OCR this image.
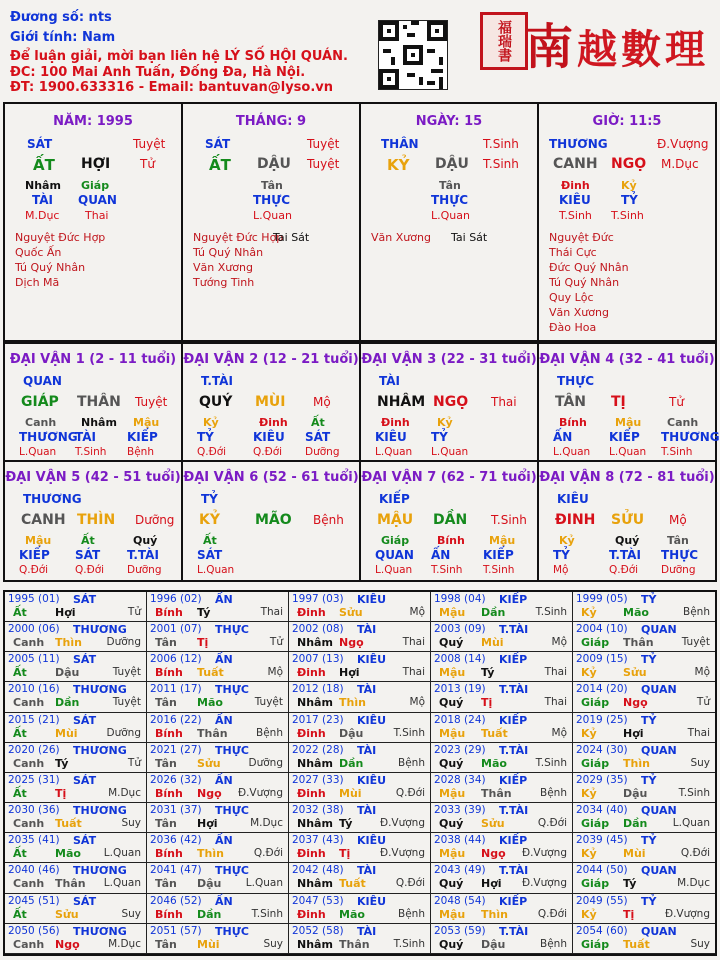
Đương số: nts
Giới tính: Nam
Để luận giải, mời bạn liên hệ LÝ SỐ HỘI QUÁN.
ĐC: 100 Mai Anh Tuấn, Đống Đa, Hà Nội.
ĐT: 1900.633316 - Email: bantuvan@lyso.vn
福瑞書 南越數理
NĂM: 1995
SÁT	Tuyệt
ẤT HỢI Tử
Nhâm Giáp
TÀI QUAN
M.Dục Thai
Nguyệt Đức Hợp
Quốc Ấn
Tú Quý Nhân
Dịch Mã
THÁNG: 9
SÁT	Tuyệt
ẤT DẬU Tuyệt
Tân
THỰC
L.Quan
Nguyệt Đức Hợp
Tai Sát
Tú Quý Nhân
Văn Xương
Tướng Tinh
NGÀY: 15
THÂN	T.Sinh
KỶ DẬU T.Sinh
Tân
THỰC
L.Quan
Văn Xương Tai Sát
GIỜ: 11:5
THƯƠNG	Đ.Vượng
CANH NGỌ M.Dục
Đinh	Kỷ
KIÊU	TỶ
T.Sinh T.Sinh
Nguyệt Đức
Thái Cực
Đức Quý Nhân
Tú Quý Nhân
Quy Lộc
Văn Xương
Đào Hoa
ĐẠI VẬN 1 (2 - 11 tuổi)
QUAN
GIÁP THÂN Tuyệt
Canh
THƯƠNG
L.Quan
Nhâm
TÀI
T.Sinh
Mậu
KIẾP
Bệnh
ĐẠI VẬN 2 (12 - 21 tuổi)
T.TÀI
QUÝ MÙI Mộ
Kỷ
TỶ
Q.Đới
Đinh
KIÊU
Q.Đới
Ất
SÁT
Dưỡng
ĐẠI VẬN 3 (22 - 31 tuổi)
TÀI
NHÂM NGỌ Thai
Đinh
KIÊU
L.Quan
Kỷ
TỶ
L.Quan
ĐẠI VẬN 4 (32 - 41 tuổi)
THỰC
TÂN TỊ	Tử
Bính
ẤN
L.Quan
Mậu
KIẾP
L.Quan
Canh
THƯƠNG
T.Sinh
ĐẠI VẬN 5 (42 - 51 tuổi)
THƯƠNG
CANH THÌN Dưỡng
Mậu
KIẾP
Q.Đới
Ất
SÁT
Q.Đới
Quý
T.TÀI
Dưỡng
ĐẠI VẬN 6 (52 - 61 tuổi)
TỶ
KỶ	MÃO Bệnh
Ất
SÁT
L.Quan
ĐẠI VẬN 7 (62 - 71 tuổi)
KIẾP
MẬU DẦN T.Sinh
Giáp
QUAN
L.Quan
Bính
ẤN
T.Sinh
Mậu
KIẾP
T.Sinh
ĐẠI VẬN 8 (72 - 81 tuổi)
KIÊU
ĐINH SỬU Mộ
Kỷ
TỶ
Mộ
Quý
T.TÀI
Q.Đới
Tân
THỰC
Dưỡng
1995 (01) SÁT
Ất	Hợi	Tử
1996 (02) ẤN
Bính Tý	Thai
1997 (03) KIÊU
Đinh Sửu	Mộ
1998 (04) KIẾP
Mậu Dần	T.Sinh
1999 (05) TỶ
Kỷ Mão	Bệnh
2000 (06) THƯƠNG
Canh Thìn Dưỡng
2001 (07) THỰC
Tân Tị	Tử
2002 (08) TÀI
Nhâm Ngọ	Thai
2003 (09) T.TÀI
Quý Mùi	Mộ
2004 (10) QUAN
Giáp Thân	Tuyệt
2005 (11) SÁT
Ất	Dậu	Tuyệt
2006 (12) ẤN
Bính Tuất	Mộ
2007 (13) KIÊU
Đinh Hợi	Thai
2008 (14) KIẾP
Mậu Tý	Thai
2009 (15) TỶ
Kỷ Sửu	Mộ
2010 (16) THƯƠNG
Canh Dần	Tuyệt
2011 (17) THỰC
Tân Mão	Tuyệt
2012 (18) TÀI
Nhâm Thìn	Mộ
2013 (19) T.TÀI
Quý Tị	Thai
2014 (20) QUAN
Giáp Ngọ	Tử
2015 (21) SÁT
Ất	Mùi	Dưỡng
2016 (22) ẤN
Bính Thân	Bệnh
2017 (23) KIÊU
Đinh Dậu	T.Sinh
2018 (24) KIẾP
Mậu Tuất	Mộ
2019 (25) TỶ
Kỷ Hợi	Thai
2020 (26) THƯƠNG
Canh Tý	Tử
2021 (27) THỰC
Tân Sửu	Dưỡng
2022 (28) TÀI
Nhâm Dần	Bệnh
2023 (29) T.TÀI
Quý Mão	T.Sinh
2024 (30) QUAN
Giáp Thìn	Suy
2025 (31) SÁT
Ất	Tị	M.Dục
2026 (32) ẤN
Bính Ngọ Đ.Vượng
2027 (33) KIÊU
Đinh Mùi	Q.Đới
2028 (34) KIẾP
Mậu Thân	Bệnh
2029 (35) TỶ
Kỷ Dậu	T.Sinh
2030 (36) THƯƠNG
Canh Tuất	Suy
2031 (37) THỰC
Tân Hợi	M.Dục
2032 (38) TÀI
Nhâm Tý	Đ.Vượng
2033 (39) T.TÀI
Quý Sửu	Q.Đới
2034 (40) QUAN
Giáp Dần L.Quan
2035 (41) SÁT
Ất	Mão L.Quan
2036 (42) ẤN
Bính Thìn	Q.Đới
2037 (43) KIÊU
Đinh Tị	Đ.Vượng
2038 (44) KIẾP
Mậu Ngọ Đ.Vượng
2039 (45) TỶ
Kỷ Mùi	Q.Đới
2040 (46) THƯƠNG
Canh Thân L.Quan
2041 (47) THỰC
Tân Dậu L.Quan
2042 (48) TÀI
Nhâm Tuất	Q.Đới
2043 (49) T.TÀI
Quý Hợi Đ.Vượng
2044 (50) QUAN
Giáp Tý	M.Dục
2045 (51) SÁT
Ất	Sửu	Suy
2046 (52) ẤN
Bính Dần	T.Sinh
2047 (53) KIÊU
Đinh Mão	Bệnh
2048 (54) KIẾP
Mậu Thìn	Q.Đới
2049 (55) TỶ
Kỷ Tị	Đ.Vượng
2050 (56) THƯƠNG
Canh Ngọ	M.Dục
2051 (57) THỰC
Tân Mùi	Suy
2052 (58) TÀI
Nhâm Thân T.Sinh
2053 (59) T.TÀI
Quý Dậu	Bệnh
2054 (60) QUAN
Giáp Tuất	Suy
